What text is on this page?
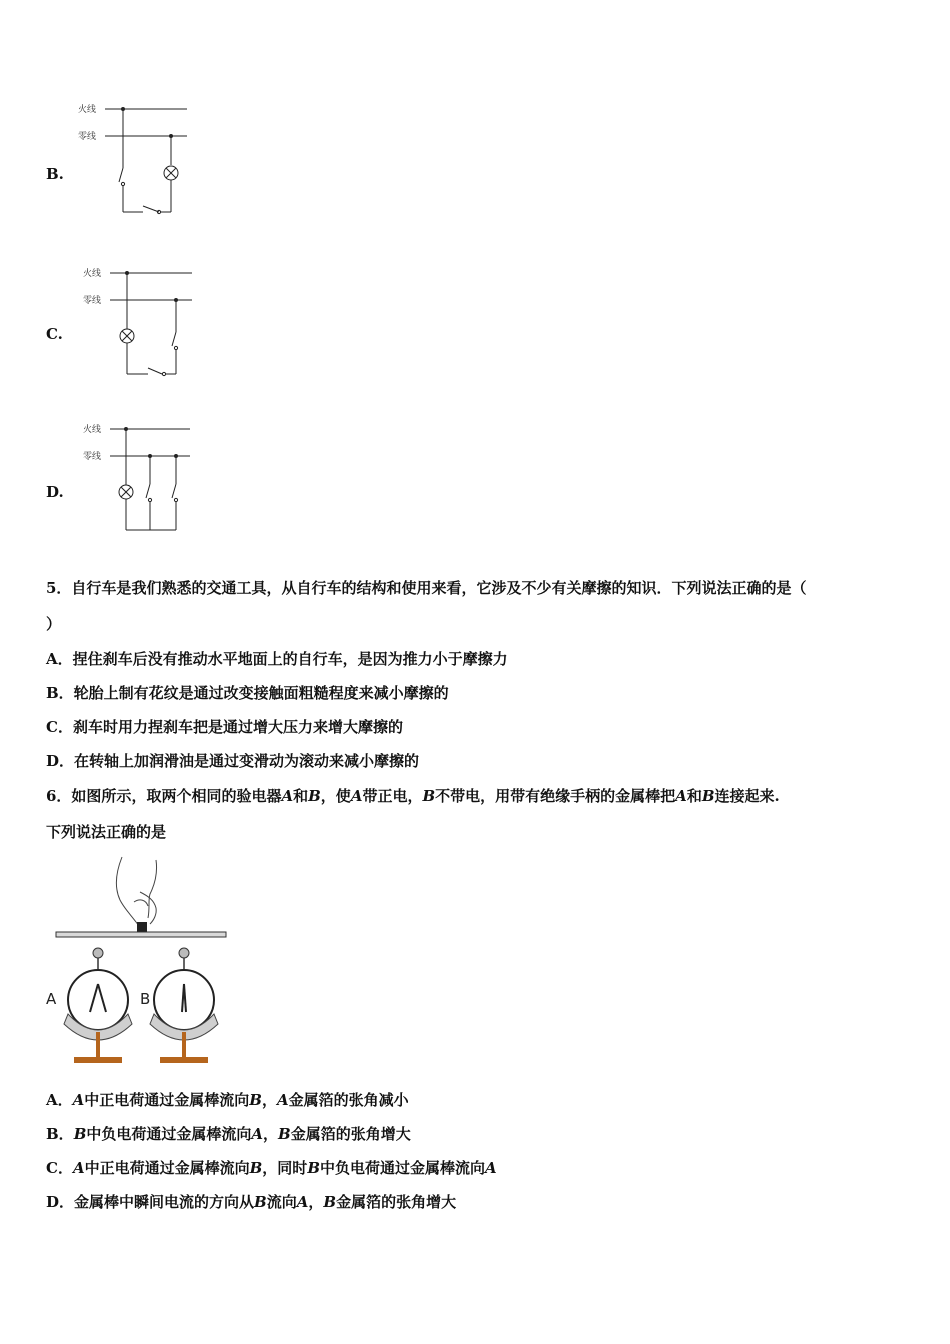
B.
火线
零线
C.
火线
零线
D.
火线
零线
5．自行车是我们熟悉的交通工具，从自行车的结构和使用来看，它涉及不少有关摩擦的知识．下列说法正确的是（
）
A．捏住刹车后没有推动水平地面上的自行车，是因为推力小于摩擦力
B．轮胎上制有花纹是通过改变接触面粗糙程度来减小摩擦的
C．刹车时用力捏刹车把是通过增大压力来增大摩擦的
D．在转轴上加润滑油是通过变滑动为滚动来减小摩擦的
6．如图所示，取两个相同的验电器A和B，使A带正电，B不带电，用带有绝缘手柄的金属棒把A和B连接起来.
下列说法正确的是
A	B
A．A中正电荷通过金属棒流向B，A金属箔的张角减小
B．B中负电荷通过金属棒流向A，B金属箔的张角增大
C．A中正电荷通过金属棒流向B，同时B中负电荷通过金属棒流向A
D．金属棒中瞬间电流的方向从B流向A，B金属箔的张角增大
